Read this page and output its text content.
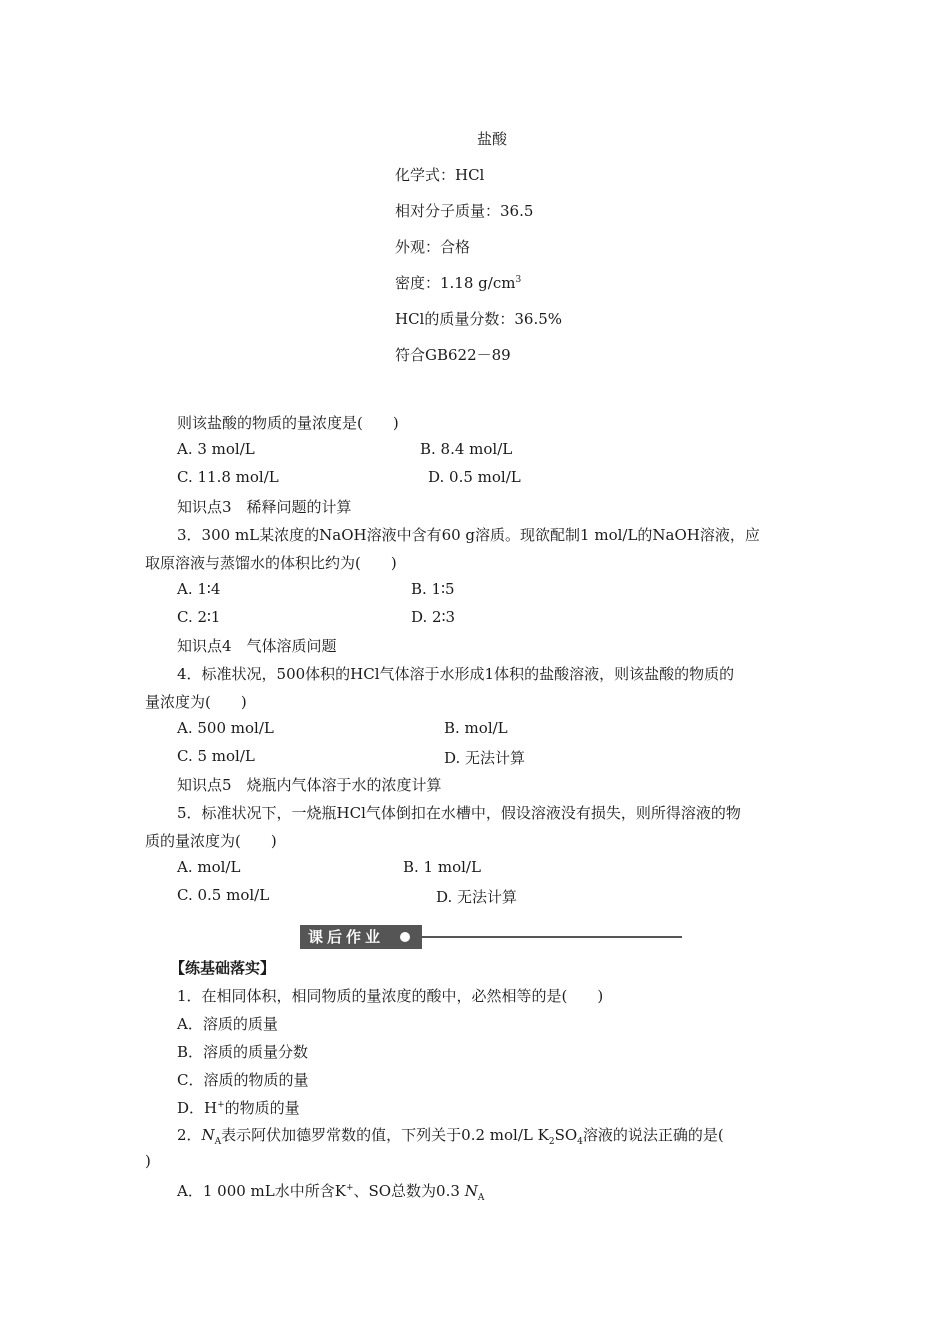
盐酸
化学式：HCl
相对分子质量：36.5
外观：合格
密度：1.18 $g/cm^3$
HCl的质量分数：36.5%
符合GB622－89
则该盐酸的物质的量浓度是(　　)
A. 3 mol/L	B. 8.4 mol/L
C. 11.8 mol/L	D. 0.5 mol/L
知识点3　稀释问题的计算
3．300 mL某浓度的NaOH溶液中含有60 g溶质。现欲配制1 mol/L的NaOH溶液，应
取原溶液与蒸馏水的体积比约为(　　)
A. 1∶4	B. 1∶5
C. 2∶1	D. 2∶3
知识点4　气体溶质问题
4．标准状况，500体积的HCl气体溶于水形成1体积的盐酸溶液，则该盐酸的物质的
量浓度为(　　)
A. 500 mol/L	B. mol/L
C. 5 mol/L	D. 无法计算
知识点5　烧瓶内气体溶于水的浓度计算
5．标准状况下，一烧瓶HCl气体倒扣在水槽中，假设溶液没有损失，则所得溶液的物
质的量浓度为(　　)
A. mol/L	B. 1 mol/L
C. 0.5 mol/L	D. 无法计算
课后作业
【练基础落实】
1．在相同体积，相同物质的量浓度的酸中，必然相等的是(　　)
A．溶质的质量
B．溶质的质量分数
C．溶质的物质的量
D．H+的物质的量
2．$N_A$表示阿伏加德罗常数的值，下列关于0.2 mol/L $K_2SO_4$溶液的说法正确的是(
)
A．1 000 mL水中所含K+、SO总数为0.3 $N_A$
